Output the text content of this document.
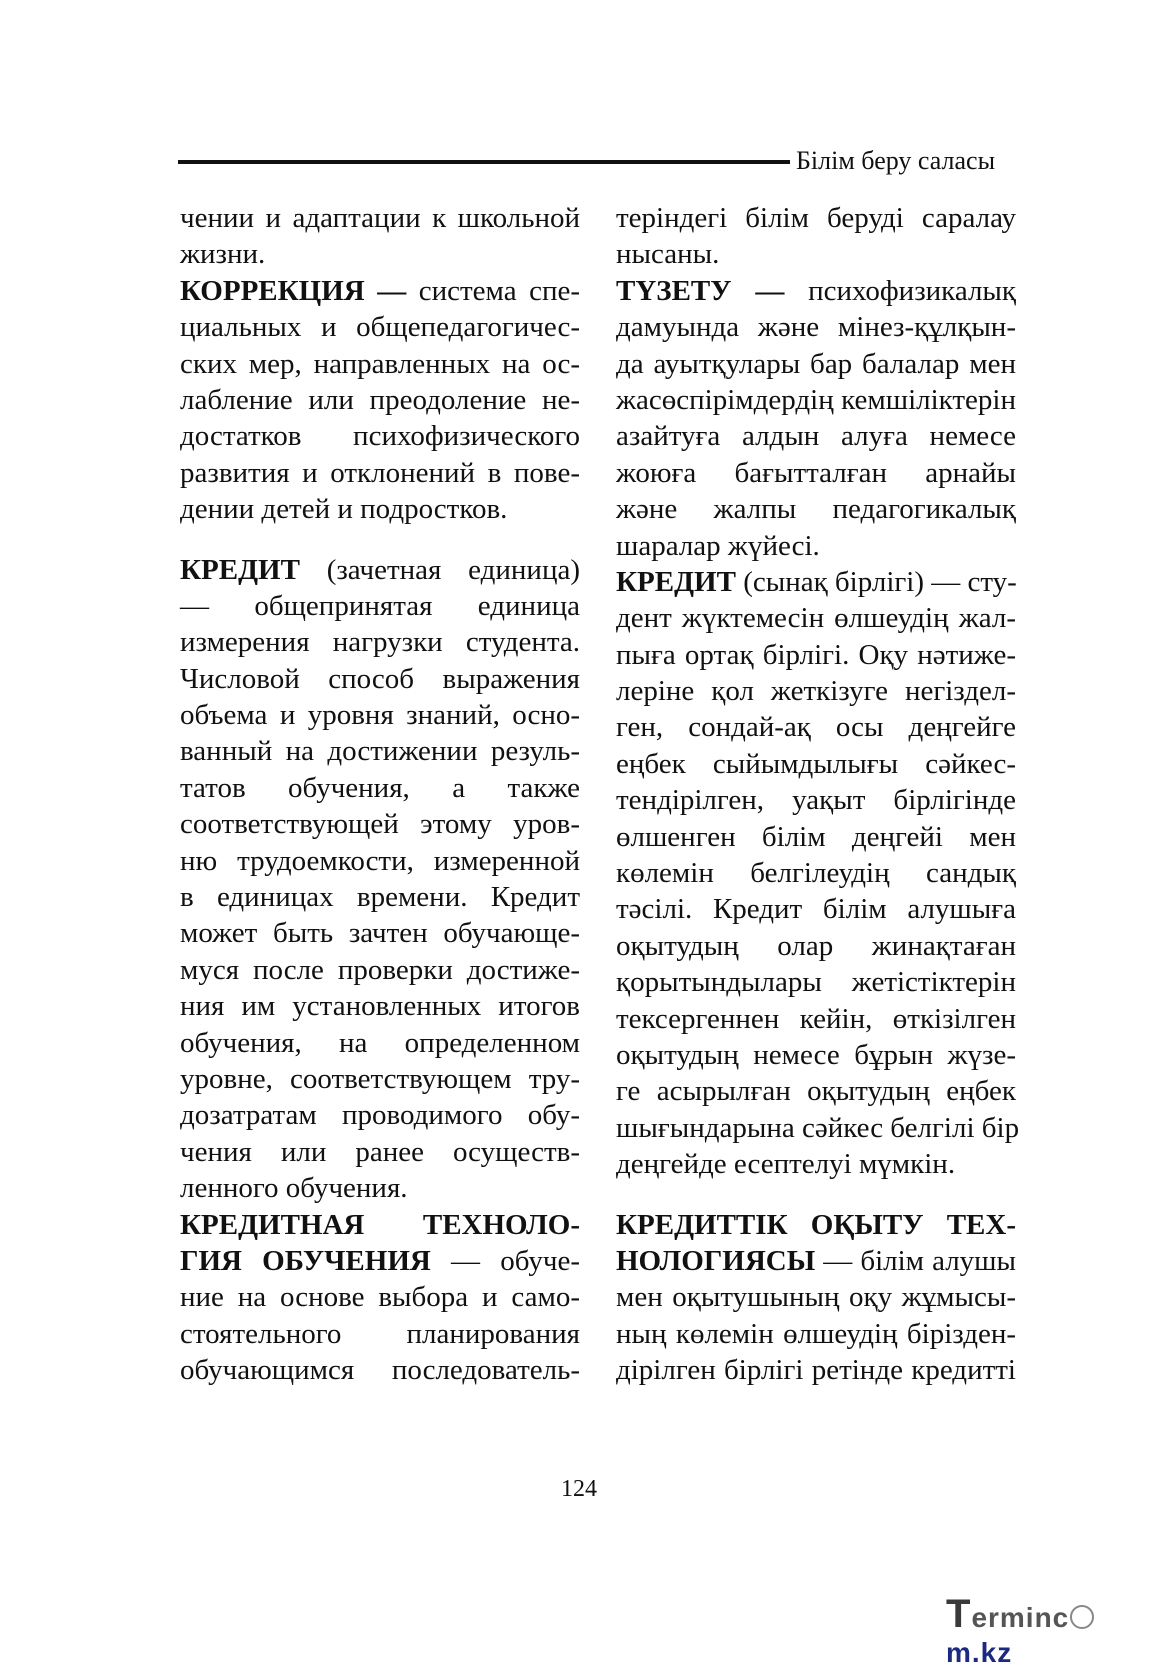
Білім беру саласы
чении и адаптации к школьной
жизни.
КОРРЕКЦИЯ — система спе-
циальных и общепедагогичес-
ских мер, направленных на ос-
лабление или преодоление не-
достатков психофизического
развития и отклонений в пове-
дении детей и подростков.
КРЕДИТ (зачетная единица)
— общепринятая единица
измерения нагрузки студента.
Числовой способ выражения
объема и уровня знаний, осно-
ванный на достижении резуль-
татов обучения, а также
соответствующей этому уров-
ню трудоемкости, измеренной
в единицах времени. Кредит
может быть зачтен обучающе-
муся после проверки достиже-
ния им установленных итогов
обучения, на определенном
уровне, соответствующем тру-
дозатратам проводимого обу-
чения или ранее осуществ-
ленного обучения.
КРЕДИТНАЯ ТЕХНОЛО-
ГИЯ ОБУЧЕНИЯ — обуче-
ние на основе выбора и само-
стоятельного планирования
обучающимся последователь-
теріндегі білім беруді саралау
нысаны.
ТҮЗЕТУ — психофизикалық
дамуында және мінез-құлқын-
да ауытқулары бар балалар мен
жасөспірімдердің кемшіліктерін
азайтуға алдын алуға немесе
жоюға бағытталған арнайы
және жалпы педагогикалық
шаралар жүйесі.
КРЕДИТ (сынақ бірлігі) — сту-
дент жүктемесін өлшеудің жал-
пыға ортақ бірлігі. Оқу нәтиже-
леріне қол жеткізуге негіздел-
ген, сондай-ақ осы деңгейге
еңбек сыйымдылығы сәйкес-
тендірілген, уақыт бірлігінде
өлшенген білім деңгейі мен
көлемін белгілеудің сандық
тәсілі. Кредит білім алушыға
оқытудың олар жинақтаған
қорытындылары жетістіктерін
тексергеннен кейін, өткізілген
оқытудың немесе бұрын жүзе-
ге асырылған оқытудың еңбек
шығындарына сәйкес белгілі бір
деңгейде есептелуі мүмкін.
КРЕДИТТІК ОҚЫТУ ТЕХ-
НОЛОГИЯСЫ — білім алушы
мен оқытушының оқу жұмысы-
ның көлемін өлшеудің бірізден-
дірілген бірлігі ретінде кредитті
124
Termincm.kz
